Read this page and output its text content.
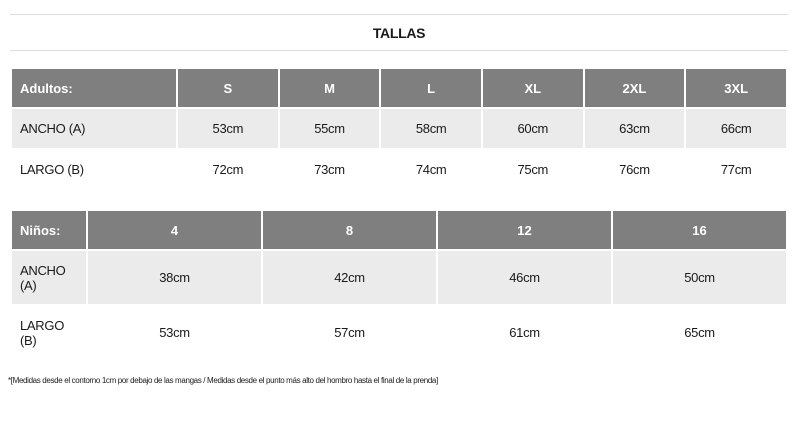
TALLAS
Adultos:	S	M	L	XL	2XL	3XL
ANCHO (A)	53cm	55cm	58cm	60cm	63cm	66cm
LARGO (B)	72cm	73cm	74cm	75cm	76cm	77cm
Niños:	4	8	12	16
ANCHO (A)	38cm	42cm	46cm	50cm
LARGO (B)	53cm	57cm	61cm	65cm
*[Medidas desde el contorno 1cm por debajo de las mangas / Medidas desde el punto más alto del hombro hasta el final de la prenda]
